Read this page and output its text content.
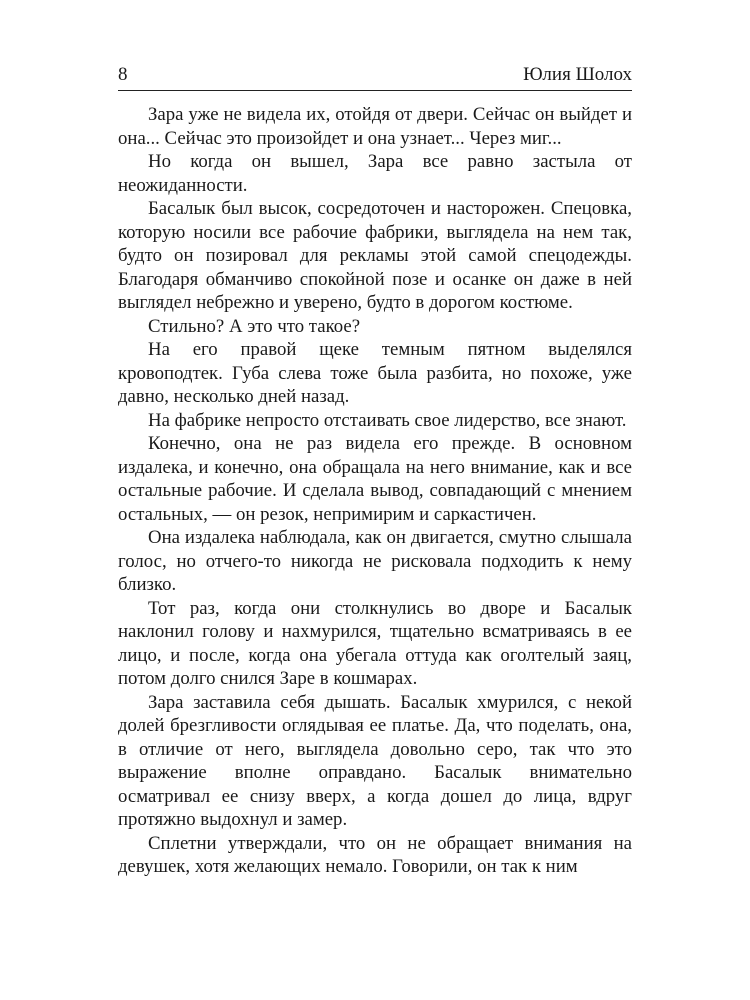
8	Юлия Шолох

Зара уже не видела их, отойдя от двери. Сейчас он выйдет и она... Сейчас это произойдет и она узнает... Через миг...

Но когда он вышел, Зара все равно застыла от неожиданности.

Басалык был высок, сосредоточен и насторожен. Спецовка, которую носили все рабочие фабрики, выглядела на нем так, будто он позировал для рекламы этой самой спецодежды. Благодаря обманчиво спокойной позе и осанке он даже в ней выглядел небрежно и уверено, будто в дорогом костюме.

Стильно? А это что такое?

На его правой щеке темным пятном выделялся кровоподтек. Губа слева тоже была разбита, но похоже, уже давно, несколько дней назад.

На фабрике непросто отстаивать свое лидерство, все знают.

Конечно, она не раз видела его прежде. В основном издалека, и конечно, она обращала на него внимание, как и все остальные рабочие. И сделала вывод, совпадающий с мнением остальных, — он резок, непримирим и саркастичен.

Она издалека наблюдала, как он двигается, смутно слышала голос, но отчего-то никогда не рисковала подходить к нему близко.

Тот раз, когда они столкнулись во дворе и Басалык наклонил голову и нахмурился, тщательно всматриваясь в ее лицо, и после, когда она убегала оттуда как оголтелый заяц, потом долго снился Заре в кошмарах.

Зара заставила себя дышать. Басалык хмурился, с некой долей брезгливости оглядывая ее платье. Да, что поделать, она, в отличие от него, выглядела довольно серо, так что это выражение вполне оправдано. Басалык внимательно осматривал ее снизу вверх, а когда дошел до лица, вдруг протяжно выдохнул и замер.

Сплетни утверждали, что он не обращает внимания на девушек, хотя желающих немало. Говорили, он так к ним
